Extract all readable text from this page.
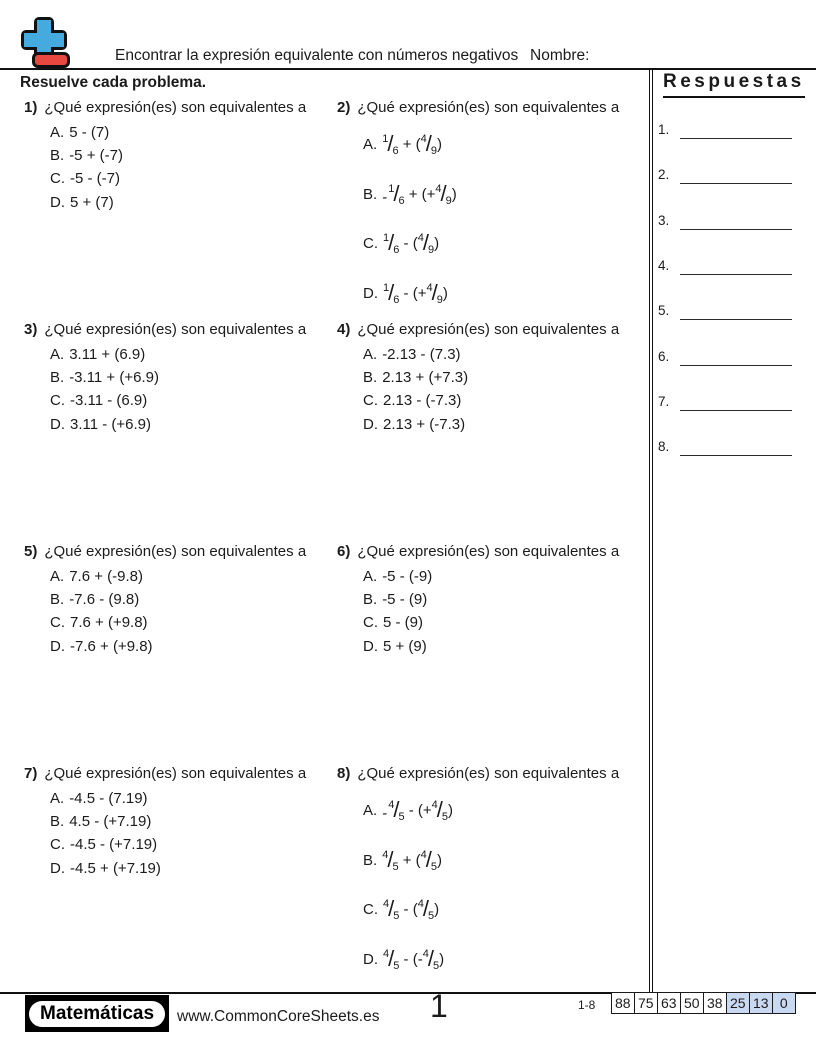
Encontrar la expresión equivalente con números negativos Nombre:
Resuelve cada problema.
1) ¿Qué expresión(es) son equivalentes a
A. 5 - (7)
B. -5 + (-7)
C. -5 - (-7)
D. 5 + (7)
2) ¿Qué expresión(es) son equivalentes a
A. $^1/_6 + (^4/_9)$
B. $-^1/_6 + (+^4/_9)$
C. $^1/_6 - (^4/_9)$
D. $^1/_6 - (+^4/_9)$
3) ¿Qué expresión(es) son equivalentes a
A. 3.11 + (6.9)
B. -3.11 + (+6.9)
C. -3.11 - (6.9)
D. 3.11 - (+6.9)
4) ¿Qué expresión(es) son equivalentes a
A. -2.13 - (7.3)
B. 2.13 + (+7.3)
C. 2.13 - (-7.3)
D. 2.13 + (-7.3)
5) ¿Qué expresión(es) son equivalentes a
A. 7.6 + (-9.8)
B. -7.6 - (9.8)
C. 7.6 + (+9.8)
D. -7.6 + (+9.8)
6) ¿Qué expresión(es) son equivalentes a
A. -5 - (-9)
B. -5 - (9)
C. 5 - (9)
D. 5 + (9)
7) ¿Qué expresión(es) son equivalentes a
A. -4.5 - (7.19)
B. 4.5 - (+7.19)
C. -4.5 - (+7.19)
D. -4.5 + (+7.19)
8) ¿Qué expresión(es) son equivalentes a
A. $-^4/_5 - (+^4/_5)$
B. $^4/_5 + (^4/_5)$
C. $^4/_5 - (^4/_5)$
D. $^4/_5 - (-^4/_5)$
Respuestas
1.
2.
3.
4.
5.
6.
7.
8.
Matemáticas	www.CommonCoreSheets.es 1	1-8	88 75 63 50 38 25 13 0
